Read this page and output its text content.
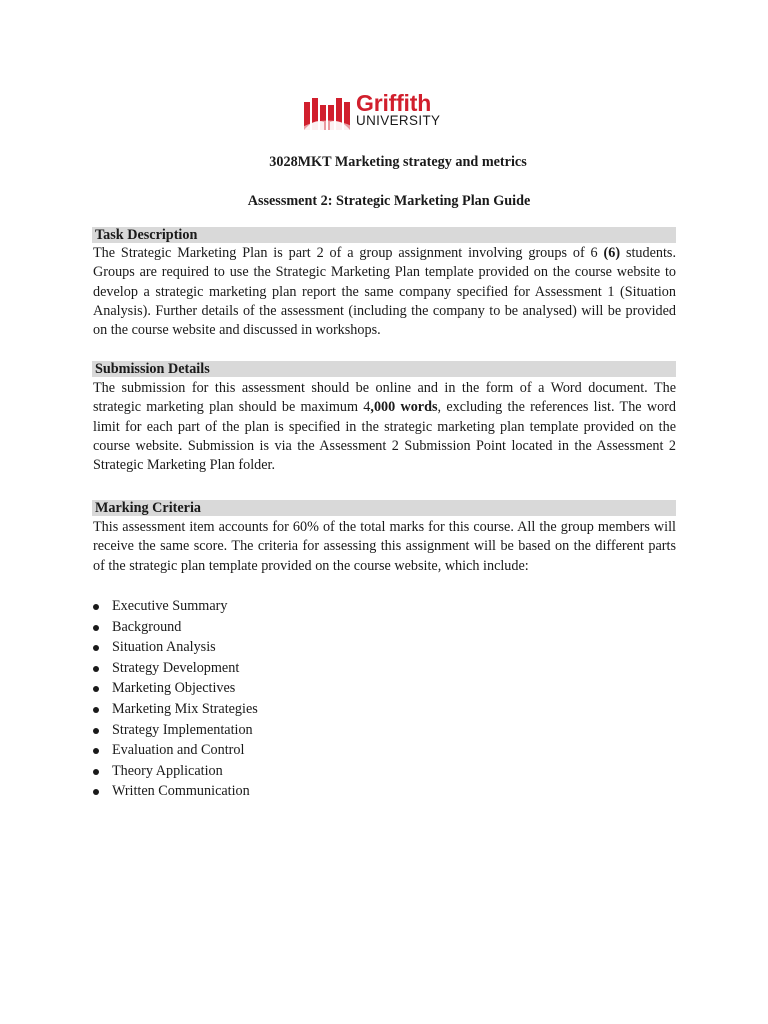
Griffith
UNIVERSITY
3028MKT Marketing strategy and metrics
Assessment 2: Strategic Marketing Plan Guide
Task Description

The Strategic Marketing Plan is part 2 of a group assignment involving groups of 6 (6) students. Groups are required to use the Strategic Marketing Plan template provided on the course website to develop a strategic marketing plan report the same company specified for Assessment 1 (Situation Analysis). Further details of the assessment (including the company to be analysed) will be provided on the course website and discussed in workshops.

Submission Details

The submission for this assessment should be online and in the form of a Word document. The strategic marketing plan should be maximum 4,000 words, excluding the references list. The word limit for each part of the plan is specified in the strategic marketing plan template provided on the course website. Submission is via the Assessment 2 Submission Point located in the Assessment 2 Strategic Marketing Plan folder.

Marking Criteria

This assessment item accounts for 60% of the total marks for this course. All the group members will receive the same score. The criteria for assessing this assignment will be based on the different parts of the strategic plan template provided on the course website, which include:

Executive Summary
Background
Situation Analysis
Strategy Development
Marketing Objectives
Marketing Mix Strategies
Strategy Implementation
Evaluation and Control
Theory Application
Written Communication
